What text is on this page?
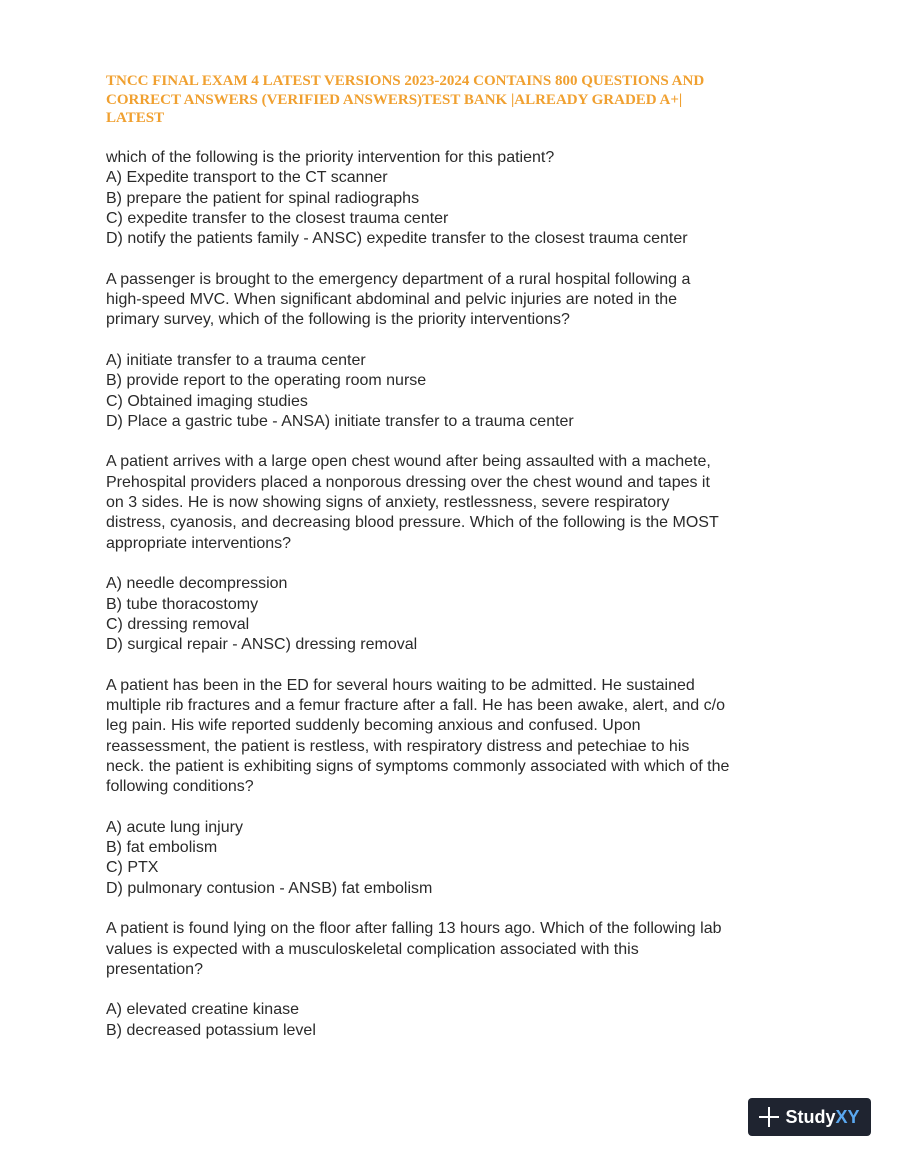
TNCC FINAL EXAM 4 LATEST VERSIONS 2023-2024 CONTAINS 800 QUESTIONS AND
CORRECT ANSWERS (VERIFIED ANSWERS)TEST BANK |ALREADY GRADED A+|
LATEST
which of the following is the priority intervention for this patient?
A) Expedite transport to the CT scanner
B) prepare the patient for spinal radiographs
C) expedite transfer to the closest trauma center
D) notify the patients family - ANSC) expedite transfer to the closest trauma center
A passenger is brought to the emergency department of a rural hospital following a
high-speed MVC. When significant abdominal and pelvic injuries are noted in the
primary survey, which of the following is the priority interventions?
A) initiate transfer to a trauma center
B) provide report to the operating room nurse
C) Obtained imaging studies
D) Place a gastric tube - ANSA) initiate transfer to a trauma center
A patient arrives with a large open chest wound after being assaulted with a machete,
Prehospital providers placed a nonporous dressing over the chest wound and tapes it
on 3 sides. He is now showing signs of anxiety, restlessness, severe respiratory
distress, cyanosis, and decreasing blood pressure. Which of the following is the MOST
appropriate interventions?
A) needle decompression
B) tube thoracostomy
C) dressing removal
D) surgical repair - ANSC) dressing removal
A patient has been in the ED for several hours waiting to be admitted. He sustained
multiple rib fractures and a femur fracture after a fall. He has been awake, alert, and c/o
leg pain. His wife reported suddenly becoming anxious and confused. Upon
reassessment, the patient is restless, with respiratory distress and petechiae to his
neck. the patient is exhibiting signs of symptoms commonly associated with which of the
following conditions?
A) acute lung injury
B) fat embolism
C) PTX
D) pulmonary contusion - ANSB) fat embolism
A patient is found lying on the floor after falling 13 hours ago. Which of the following lab
values is expected with a musculoskeletal complication associated with this
presentation?
A) elevated creatine kinase
B) decreased potassium level
Study XY
